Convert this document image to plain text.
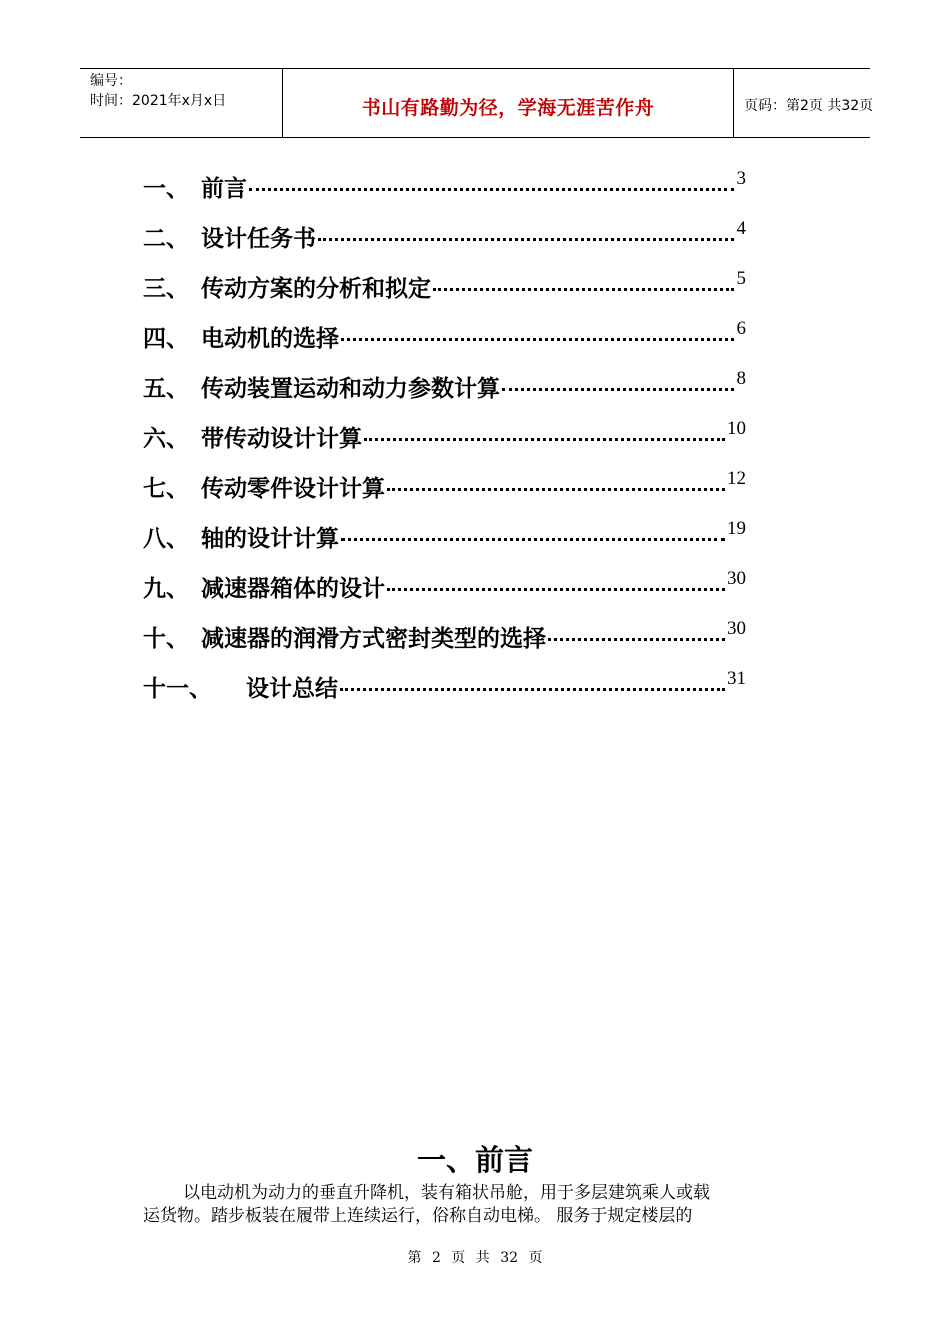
编号：
时间：2021年x月x日	书山有路勤为径，学海无涯苦作舟	页码：第2页 共32页
一、 前言	3
二、 设计任务书	4
三、 传动方案的分析和拟定	5
四、 电动机的选择	6
五、 传动装置运动和动力参数计算	8
六、 带传动设计计算	10
七、 传动零件设计计算	12
八、 轴的设计计算	19
九、 减速器箱体的设计	30
十、 减速器的润滑方式密封类型的选择	30
十一、 设计总结	31
一、前言
以电动机为动力的垂直升降机，装有箱状吊舱，用于多层建筑乘人或载
运货物。踏步板装在履带上连续运行，俗称自动电梯。 服务于规定楼层的
第 2 页 共 32 页
